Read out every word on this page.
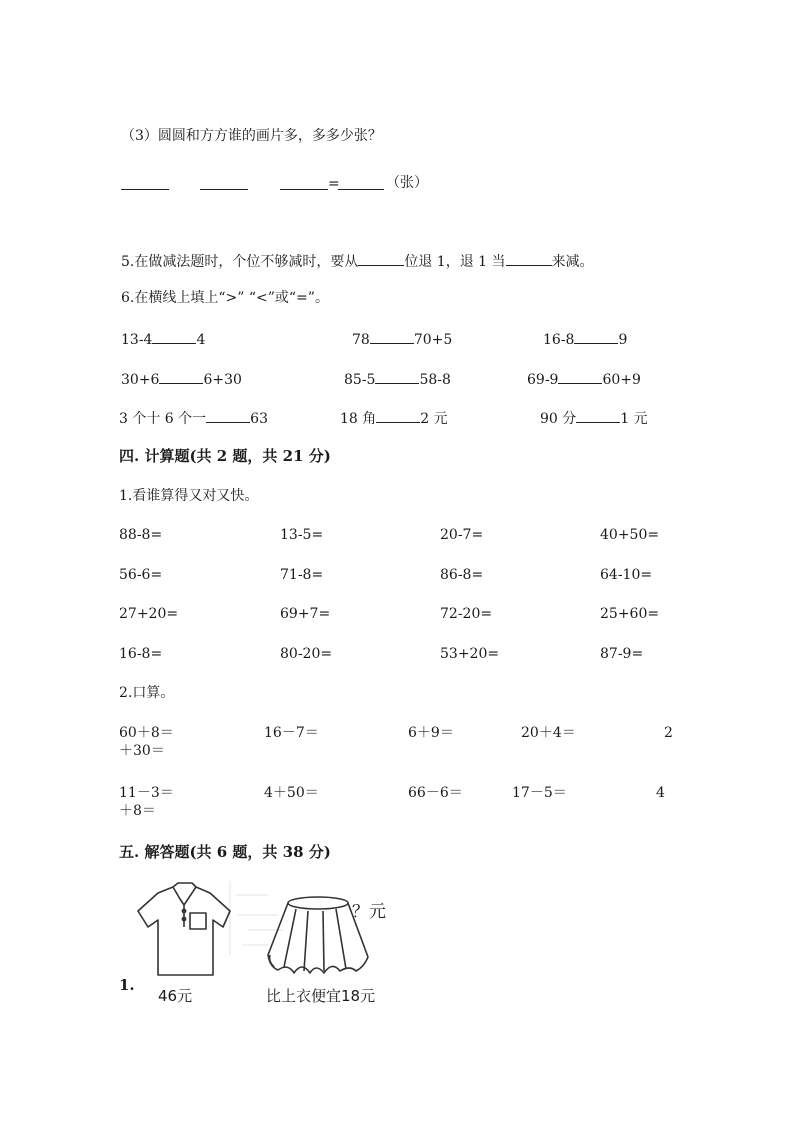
（3）圆圆和方方谁的画片多，多多少张？
=	（张）
5.在做减法题时，个位不够减时，要从	位退 1，退 1 当	来减。
6.在横线上填上“>” “<”或“=”。
13-4	4	78	70+5	16-8	9
30+6	6+30	85-5	58-8	69-9	60+9
3 个十 6 个一	63	18 角	2 元	90 分	1 元
四. 计算题(共 2 题，共 21 分)
1.看谁算得又对又快。
88-8=	13-5=	20-7=	40+50=
56-6=	71-8=	86-8=	64-10=
27+20=	69+7=	72-20=	25+60=
16-8=	80-20=	53+20=	87-9=
2.口算。
60＋8＝	16－7＝	6＋9＝	20＋4＝	2
＋30＝
11－3＝	4＋50＝	66－6＝	17－5＝	4
＋8＝
五. 解答题(共 6 题，共 38 分)
？元
46元	比上衣便宜18元
1.
